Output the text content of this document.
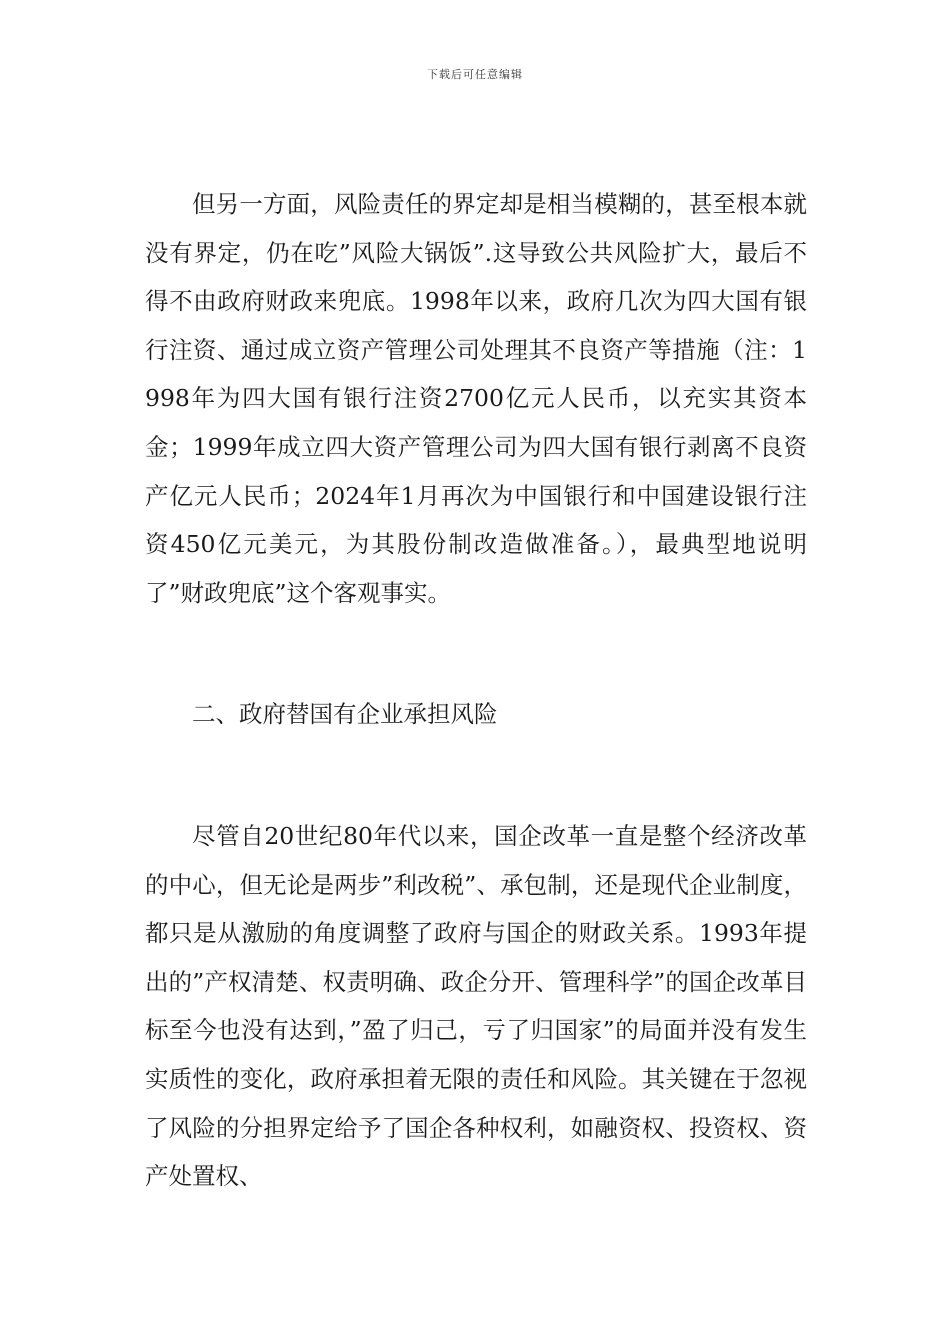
下载后可任意编辑

但另一方面，风险责任的界定却是相当模糊的，甚至根本就没有界定，仍在吃”风险大锅饭”.这导致公共风险扩大，最后不得不由政府财政来兜底。1998年以来，政府几次为四大国有银行注资、通过成立资产管理公司处理其不良资产等措施（注：1998年为四大国有银行注资2700亿元人民币，以充实其资本金；1999年成立四大资产管理公司为四大国有银行剥离不良资产亿元人民币；2024年1月再次为中国银行和中国建设银行注资450亿元美元，为其股份制改造做准备。），最典型地说明了”财政兜底”这个客观事实。

二、政府替国有企业承担风险

尽管自20世纪80年代以来，国企改革一直是整个经济改革的中心，但无论是两步”利改税”、承包制，还是现代企业制度，都只是从激励的角度调整了政府与国企的财政关系。1993年提出的”产权清楚、权责明确、政企分开、管理科学”的国企改革目标至今也没有达到，”盈了归己，亏了归国家”的局面并没有发生实质性的变化，政府承担着无限的责任和风险。其关键在于忽视了风险的分担界定给予了国企各种权利，如融资权、投资权、资产处置权、
